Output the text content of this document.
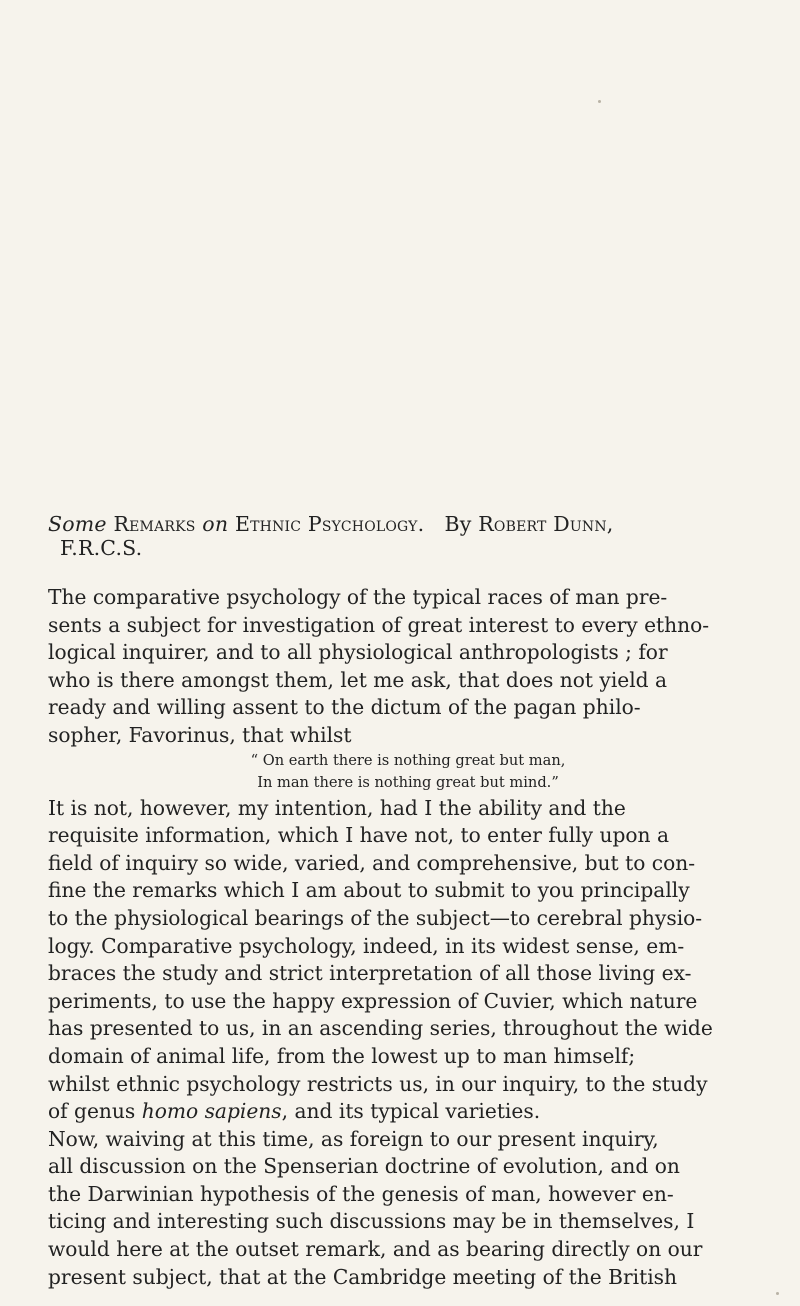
Some Remarks on Ethnic Psychology. By Robert Dunn,
F.R.C.S.
The comparative psychology of the typical races of man pre-
sents a subject for investigation of great interest to every ethno-
logical inquirer, and to all physiological anthropologists ; for
who is there amongst them, let me ask, that does not yield a
ready and willing assent to the dictum of the pagan philo-
sopher, Favorinus, that whilst
“ On earth there is nothing great but man,
In man there is nothing great but mind.”
It is not, however, my intention, had I the ability and the
requisite information, which I have not, to enter fully upon a
field of inquiry so wide, varied, and comprehensive, but to con-
fine the remarks which I am about to submit to you principally
to the physiological bearings of the subject—to cerebral physio-
logy. Comparative psychology, indeed, in its widest sense, em-
braces the study and strict interpretation of all those living ex-
periments, to use the happy expression of Cuvier, which nature
has presented to us, in an ascending series, throughout the wide
domain of animal life, from the lowest up to man himself;
whilst ethnic psychology restricts us, in our inquiry, to the study
of genus homo sapiens, and its typical varieties.
Now, waiving at this time, as foreign to our present inquiry,
all discussion on the Spenserian doctrine of evolution, and on
the Darwinian hypothesis of the genesis of man, however en-
ticing and interesting such discussions may be in themselves, I
would here at the outset remark, and as bearing directly on our
present subject, that at the Cambridge meeting of the British
